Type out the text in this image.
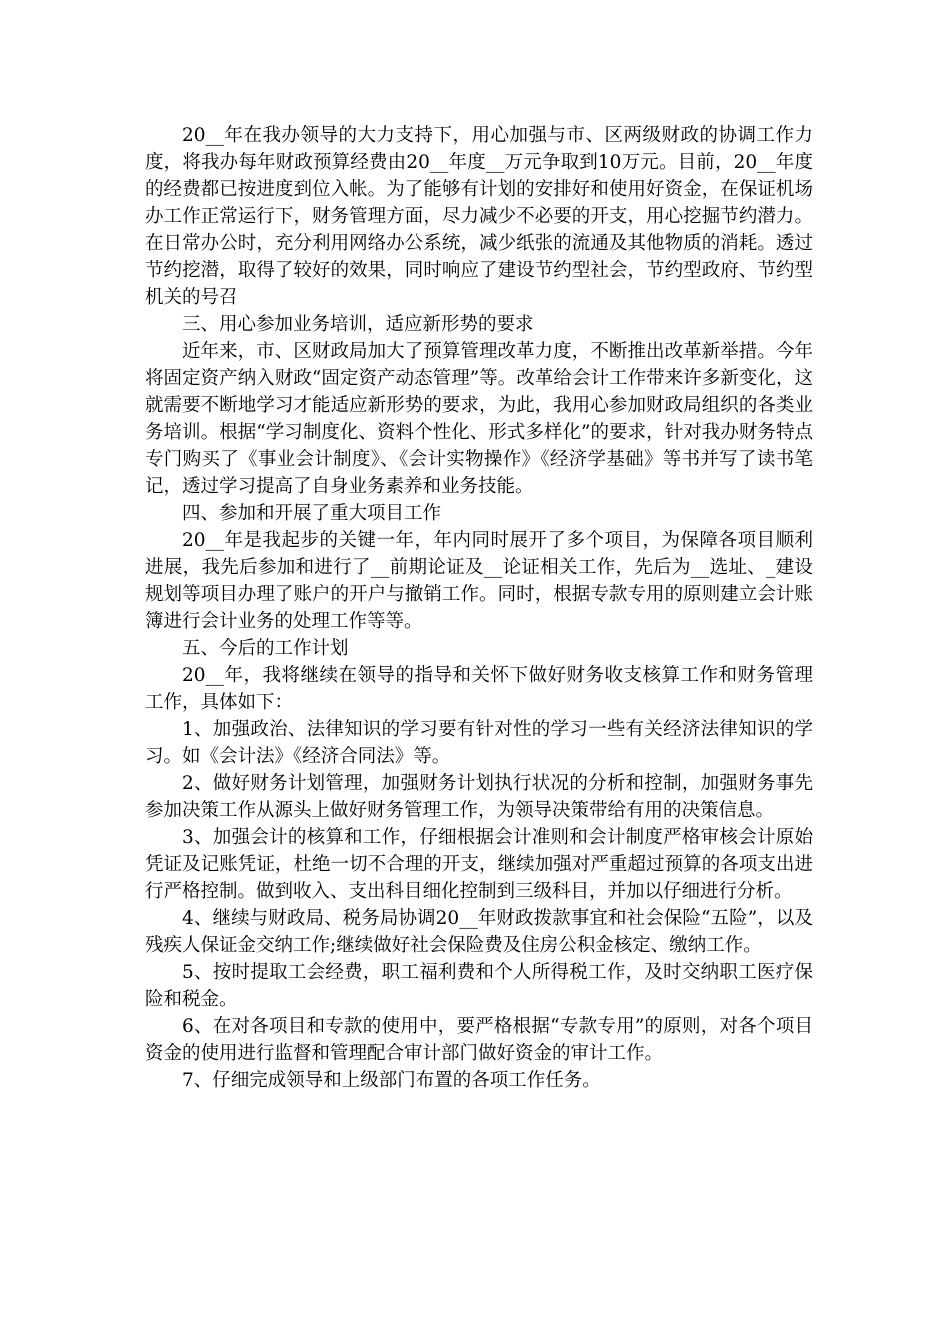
20__年在我办领导的大力支持下，用心加强与市、区两级财政的协调工作力度，将我办每年财政预算经费由20__年度__万元争取到10万元。目前，20__年度的经费都已按进度到位入帐。为了能够有计划的安排好和使用好资金，在保证机场办工作正常运行下，财务管理方面，尽力减少不必要的开支，用心挖掘节约潜力。在日常办公时，充分利用网络办公系统，减少纸张的流通及其他物质的消耗。透过节约挖潜，取得了较好的效果，同时响应了建设节约型社会，节约型政府、节约型机关的号召

三、用心参加业务培训，适应新形势的要求

近年来，市、区财政局加大了预算管理改革力度，不断推出改革新举措。今年将固定资产纳入财政“固定资产动态管理”等。改革给会计工作带来许多新变化，这就需要不断地学习才能适应新形势的要求，为此，我用心参加财政局组织的各类业务培训。根据“学习制度化、资料个性化、形式多样化”的要求，针对我办财务特点专门购买了《事业会计制度》、《会计实物操作》《经济学基础》等书并写了读书笔记，透过学习提高了自身业务素养和业务技能。

四、参加和开展了重大项目工作

20__年是我起步的关键一年，年内同时展开了多个项目，为保障各项目顺利进展，我先后参加和进行了__前期论证及__论证相关工作，先后为__选址、_建设规划等项目办理了账户的开户与撤销工作。同时，根据专款专用的原则建立会计账簿进行会计业务的处理工作等等。

五、今后的工作计划

20__年，我将继续在领导的指导和关怀下做好财务收支核算工作和财务管理工作，具体如下：

1、加强政治、法律知识的学习要有针对性的学习一些有关经济法律知识的学习。如《会计法》《经济合同法》等。

2、做好财务计划管理，加强财务计划执行状况的分析和控制，加强财务事先参加决策工作从源头上做好财务管理工作，为领导决策带给有用的决策信息。

3、加强会计的核算和工作，仔细根据会计准则和会计制度严格审核会计原始凭证及记账凭证，杜绝一切不合理的开支，继续加强对严重超过预算的各项支出进行严格控制。做到收入、支出科目细化控制到三级科目，并加以仔细进行分析。

4、继续与财政局、税务局协调20__年财政拨款事宜和社会保险“五险”，以及残疾人保证金交纳工作;继续做好社会保险费及住房公积金核定、缴纳工作。

5、按时提取工会经费，职工福利费和个人所得税工作，及时交纳职工医疗保险和税金。

6、在对各项目和专款的使用中，要严格根据“专款专用”的原则，对各个项目资金的使用进行监督和管理配合审计部门做好资金的审计工作。

7、仔细完成领导和上级部门布置的各项工作任务。
